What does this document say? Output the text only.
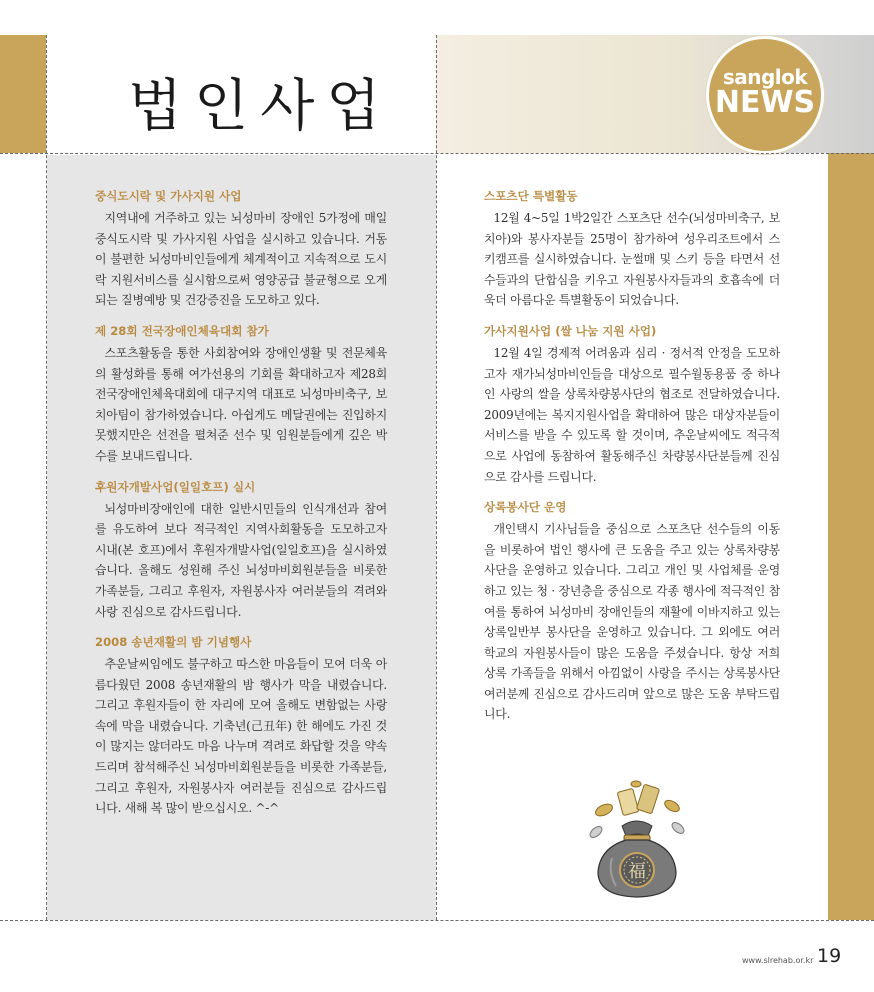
법인사업	sanglok
NEWS
중식도시락 및 가사지원 사업

지역내에 거주하고 있는 뇌성마비 장애인 5가정에 매일 중식도시락 및 가사지원 사업을 실시하고 있습니다. 거동이 불편한 뇌성마비인들에게 체계적이고 지속적으로 도시락 지원서비스를 실시함으로써 영양공급 불균형으로 오게 되는 질병예방 및 건강증진을 도모하고 있다.

제 28회 전국장애인체육대회 참가

스포츠활동을 통한 사회참여와 장애인생활 및 전문체육의 활성화를 통해 여가선용의 기회를 확대하고자 제28회 전국장애인체육대회에 대구지역 대표로 뇌성마비축구, 보치아팀이 참가하였습니다. 아쉽게도 메달권에는 진입하지 못했지만은 선전을 펼쳐준 선수 및 임원분들에게 깊은 박수를 보내드립니다.

후원자개발사업(일일호프) 실시

뇌성마비장애인에 대한 일반시민들의 인식개선과 참여를 유도하여 보다 적극적인 지역사회활동을 도모하고자 시내(본 호프)에서 후원자개발사업(일일호프)을 실시하였습니다. 올해도 성원해 주신 뇌성마비회원분들을 비롯한 가족분들, 그리고 후원자, 자원봉사자 여러분들의 격려와 사랑 진심으로 감사드립니다.

2008 송년재활의 밤 기념행사

추운날씨임에도 불구하고 따스한 마음들이 모여 더욱 아름다웠던 2008 송년재활의 밤 행사가 막을 내렸습니다. 그리고 후원자들이 한 자리에 모여 올해도 변함없는 사랑속에 막을 내렸습니다. 기축년(己丑年) 한 해에도 가진 것이 많지는 않더라도 마음 나누며 격려로 화답할 것을 약속드리며 참석해주신 뇌성마비회원분들을 비롯한 가족분들, 그리고 후원자, 자원봉사자 여러분들 진심으로 감사드립니다. 새해 복 많이 받으십시오. ^-^

스포츠단 특별활동

12월 4~5일 1박2일간 스포츠단 선수(뇌성마비축구, 보치아)와 봉사자분들 25명이 참가하여 성우리조트에서 스키캠프를 실시하였습니다. 눈썰매 및 스키 등을 타면서 선수들과의 단합심을 키우고 자원봉사자들과의 호흡속에 더욱더 아름다운 특별활동이 되었습니다.

가사지원사업 (쌀 나눔 지원 사업)

12월 4일 경제적 어려움과 심리 · 정서적 안정을 도모하고자 재가뇌성마비인들을 대상으로 필수월동용품 중 하나인 사랑의 쌀을 상록차량봉사단의 협조로 전달하였습니다. 2009년에는 복지지원사업을 확대하여 많은 대상자분들이 서비스를 받을 수 있도록 할 것이며, 추운날씨에도 적극적으로 사업에 동참하여 활동해주신 차량봉사단분들께 진심으로 감사를 드립니다.

상록봉사단 운영

개인택시 기사님들을 중심으로 스포츠단 선수들의 이동을 비롯하여 법인 행사에 큰 도움을 주고 있는 상록차량봉사단을 운영하고 있습니다. 그리고 개인 및 사업체를 운영하고 있는 청 · 장년층을 중심으로 각종 행사에 적극적인 참여를 통하여 뇌성마비 장애인들의 재활에 이바지하고 있는 상록일반부 봉사단을 운영하고 있습니다. 그 외에도 여러 학교의 자원봉사들이 많은 도움을 주셨습니다. 항상 저희 상록 가족들을 위해서 아낌없이 사랑을 주시는 상록봉사단 여러분께 진심으로 감사드리며 앞으로 많은 도움 부탁드립니다.

福
www.slrehab.or.kr 19
